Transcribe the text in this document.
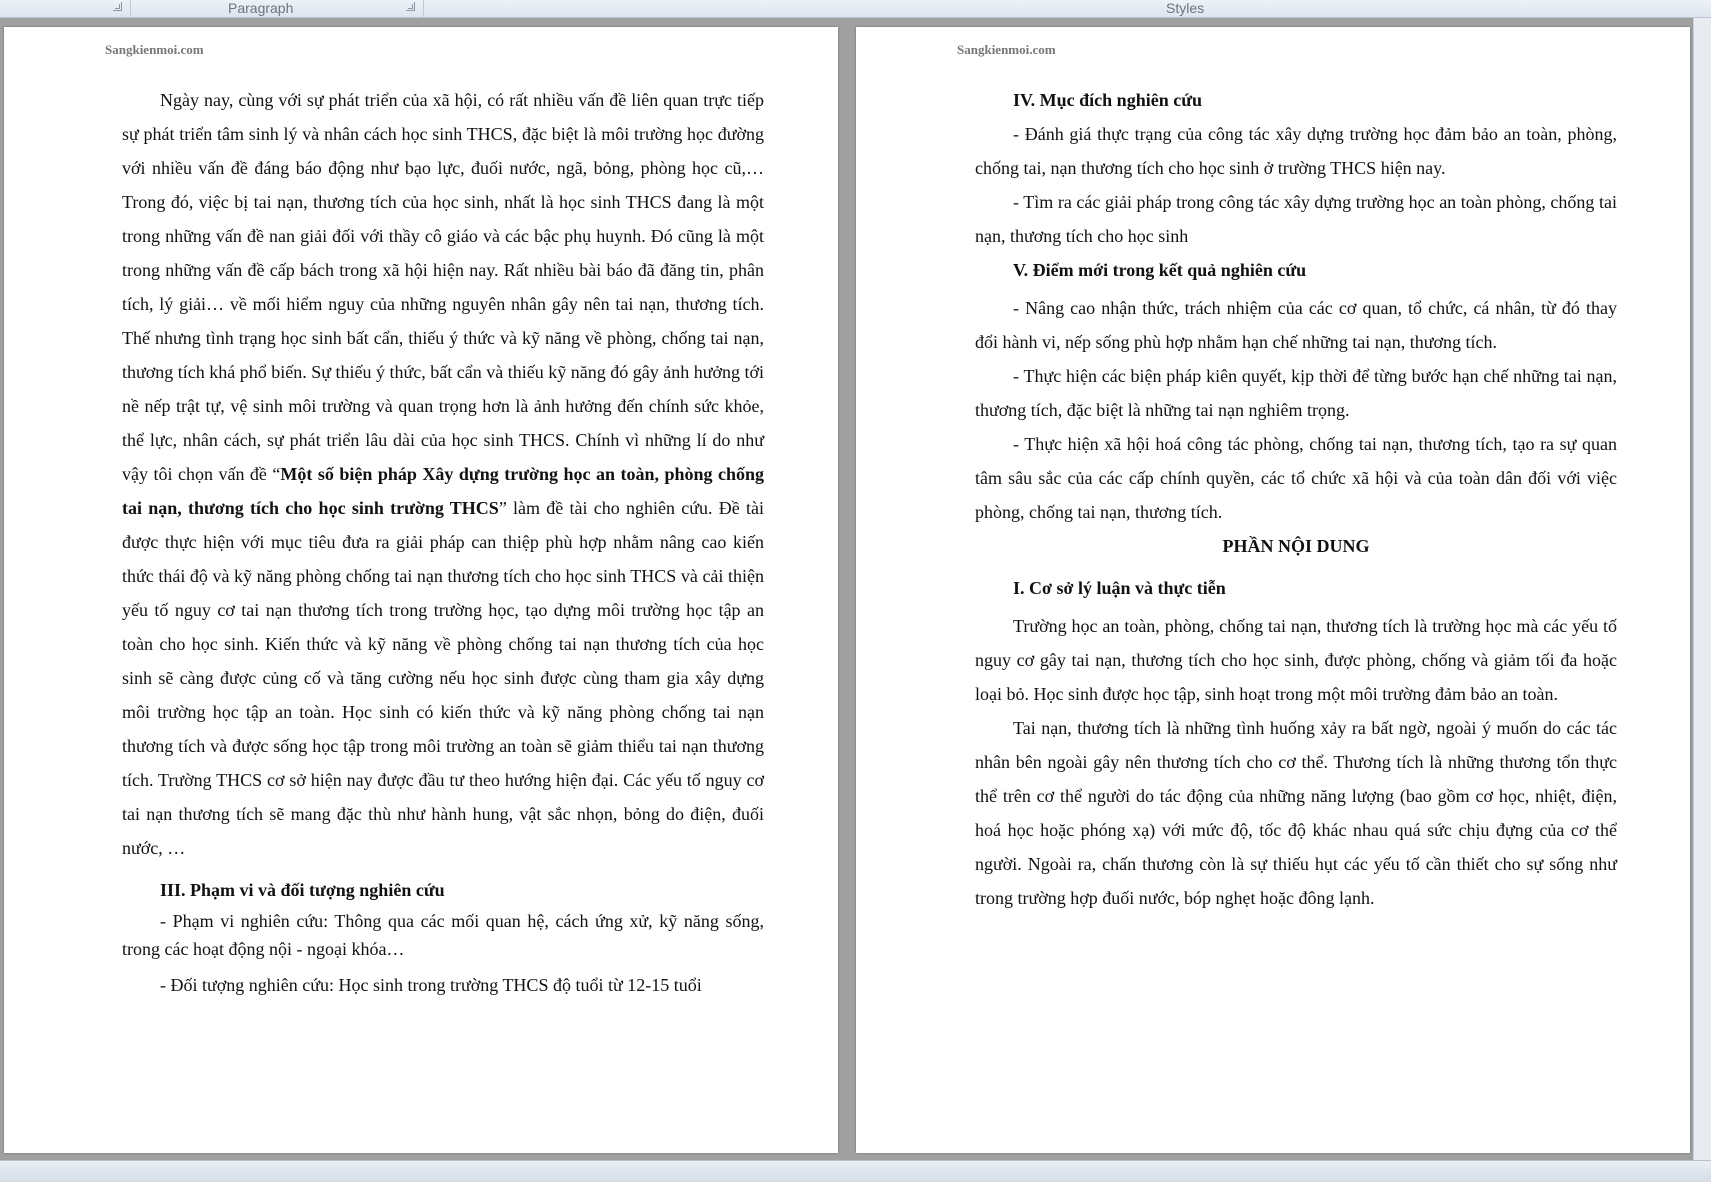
Paragraph	Styles
Sangkienmoi.com

Ngày nay, cùng với sự phát triển của xã hội, có rất nhiều vấn đề liên quan trực tiếp sự phát triển tâm sinh lý và nhân cách học sinh THCS, đặc biệt là môi trường học đường với nhiều vấn đề đáng báo động như bạo lực, đuối nước, ngã, bỏng, phòng học cũ,… Trong đó, việc bị tai nạn, thương tích của học sinh, nhất là học sinh THCS đang là một trong những vấn đề nan giải đối với thầy cô giáo và các bậc phụ huynh. Đó cũng là một trong những vấn đề cấp bách trong xã hội hiện nay. Rất nhiều bài báo đã đăng tin, phân tích, lý giải… về mối hiểm nguy của những nguyên nhân gây nên tai nạn, thương tích. Thế nhưng tình trạng học sinh bất cẩn, thiếu ý thức và kỹ năng về phòng, chống tai nạn, thương tích khá phổ biến. Sự thiếu ý thức, bất cẩn và thiếu kỹ năng đó gây ảnh hưởng tới nề nếp trật tự, vệ sinh môi trường và quan trọng hơn là ảnh hưởng đến chính sức khỏe, thể lực, nhân cách, sự phát triển lâu dài của học sinh THCS. Chính vì những lí do như vậy tôi chọn vấn đề “Một số biện pháp Xây dựng trường học an toàn, phòng chống tai nạn, thương tích cho học sinh trường THCS” làm đề tài cho nghiên cứu. Đề tài được thực hiện với mục tiêu đưa ra giải pháp can thiệp phù hợp nhằm nâng cao kiến thức thái độ và kỹ năng phòng chống tai nạn thương tích cho học sinh THCS và cải thiện yếu tố nguy cơ tai nạn thương tích trong trường học, tạo dựng môi trường học tập an toàn cho học sinh. Kiến thức và kỹ năng về phòng chống tai nạn thương tích của học sinh sẽ càng được củng cố và tăng cường nếu học sinh được cùng tham gia xây dựng môi trường học tập an toàn. Học sinh có kiến thức và kỹ năng phòng chống tai nạn thương tích và được sống học tập trong môi trường an toàn sẽ giảm thiểu tai nạn thương tích. Trường THCS cơ sở hiện nay được đầu tư theo hướng hiện đại. Các yếu tố nguy cơ tai nạn thương tích sẽ mang đặc thù như hành hung, vật sắc nhọn, bỏng do điện, đuối nước, …

III. Phạm vi và đối tượng nghiên cứu

- Phạm vi nghiên cứu: Thông qua các mối quan hệ, cách ứng xử, kỹ năng sống, trong các hoạt động nội - ngoại khóa…

- Đối tượng nghiên cứu: Học sinh trong trường THCS độ tuổi từ 12-15 tuổi

Sangkienmoi.com

IV. Mục đích nghiên cứu

- Đánh giá thực trạng của công tác xây dựng trường học đảm bảo an toàn, phòng, chống tai, nạn thương tích cho học sinh ở trường THCS hiện nay.

- Tìm ra các giải pháp trong công tác xây dựng trường học an toàn phòng, chống tai nạn, thương tích cho học sinh

V. Điểm mới trong kết quả nghiên cứu

- Nâng cao nhận thức, trách nhiệm của các cơ quan, tổ chức, cá nhân, từ đó thay đổi hành vi, nếp sống phù hợp nhằm hạn chế những tai nạn, thương tích.

- Thực hiện các biện pháp kiên quyết, kịp thời để từng bước hạn chế những tai nạn, thương tích, đặc biệt là những tai nạn nghiêm trọng.

- Thực hiện xã hội hoá công tác phòng, chống tai nạn, thương tích, tạo ra sự quan tâm sâu sắc của các cấp chính quyền, các tổ chức xã hội và của toàn dân đối với việc phòng, chống tai nạn, thương tích.

PHẦN NỘI DUNG

I. Cơ sở lý luận và thực tiễn

Trường học an toàn, phòng, chống tai nạn, thương tích là trường học mà các yếu tố nguy cơ gây tai nạn, thương tích cho học sinh, được phòng, chống và giảm tối đa hoặc loại bỏ. Học sinh được học tập, sinh hoạt trong một môi trường đảm bảo an toàn.

Tai nạn, thương tích là những tình huống xảy ra bất ngờ, ngoài ý muốn do các tác nhân bên ngoài gây nên thương tích cho cơ thể. Thương tích là những thương tổn thực thể trên cơ thể người do tác động của những năng lượng (bao gồm cơ học, nhiệt, điện, hoá học hoặc phóng xạ) với mức độ, tốc độ khác nhau quá sức chịu đựng của cơ thể người. Ngoài ra, chấn thương còn là sự thiếu hụt các yếu tố cần thiết cho sự sống như trong trường hợp đuối nước, bóp nghẹt hoặc đông lạnh.
